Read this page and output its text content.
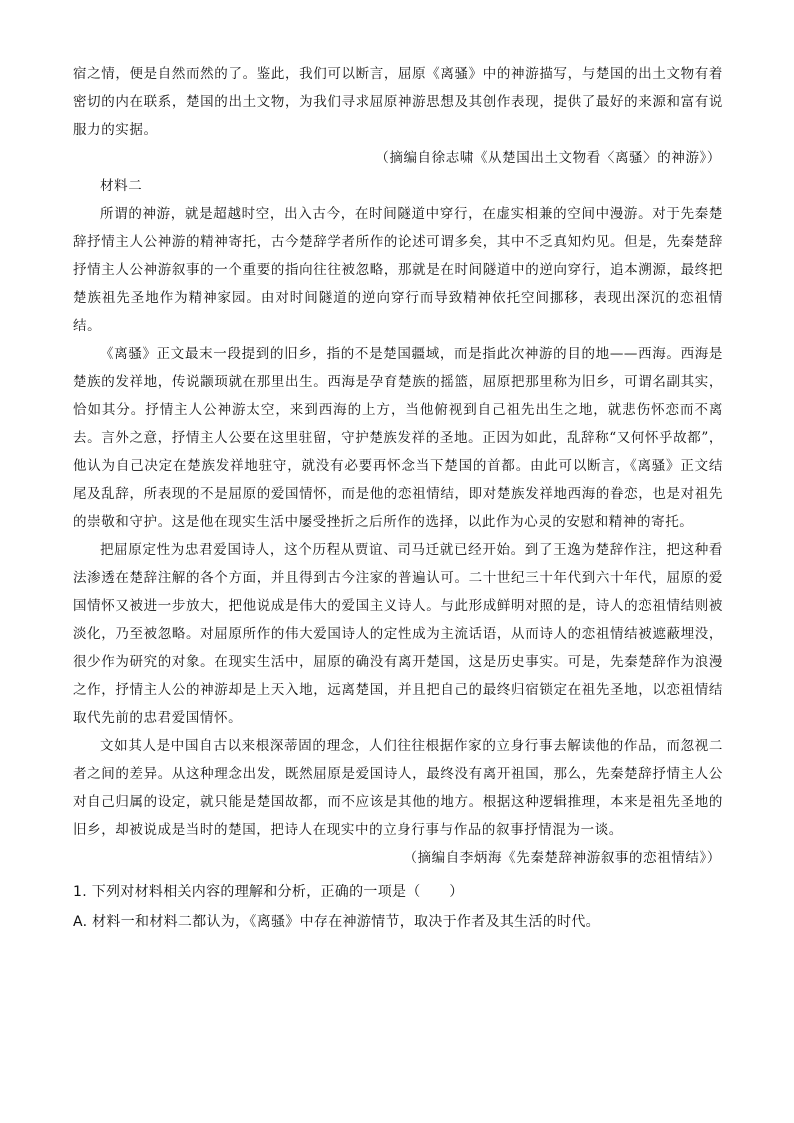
宿之情，便是自然而然的了。鉴此，我们可以断言，屈原《离骚》中的神游描写，与楚国的出土文物有着密切的内在联系，楚国的出土文物，为我们寻求屈原神游思想及其创作表现，提供了最好的来源和富有说服力的实据。

（摘编自徐志啸《从楚国出土文物看〈离骚〉的神游》）

材料二

所谓的神游，就是超越时空，出入古今，在时间隧道中穿行，在虚实相兼的空间中漫游。对于先秦楚辞抒情主人公神游的精神寄托，古今楚辞学者所作的论述可谓多矣，其中不乏真知灼见。但是，先秦楚辞抒情主人公神游叙事的一个重要的指向往往被忽略，那就是在时间隧道中的逆向穿行，追本溯源，最终把楚族祖先圣地作为精神家园。由对时间隧道的逆向穿行而导致精神依托空间挪移，表现出深沉的恋祖情结。

《离骚》正文最末一段提到的旧乡，指的不是楚国疆域，而是指此次神游的目的地——西海。西海是楚族的发祥地，传说颛顼就在那里出生。西海是孕育楚族的摇篮，屈原把那里称为旧乡，可谓名副其实，恰如其分。抒情主人公神游太空，来到西海的上方，当他俯视到自己祖先出生之地，就悲伤怀恋而不离去。言外之意，抒情主人公要在这里驻留，守护楚族发祥的圣地。正因为如此，乱辞称“又何怀乎故都”，他认为自己决定在楚族发祥地驻守，就没有必要再怀念当下楚国的首都。由此可以断言，《离骚》正文结尾及乱辞，所表现的不是屈原的爱国情怀，而是他的恋祖情结，即对楚族发祥地西海的眷恋，也是对祖先的崇敬和守护。这是他在现实生活中屡受挫折之后所作的选择，以此作为心灵的安慰和精神的寄托。

把屈原定性为忠君爱国诗人，这个历程从贾谊、司马迁就已经开始。到了王逸为楚辞作注，把这种看法渗透在楚辞注解的各个方面，并且得到古今注家的普遍认可。二十世纪三十年代到六十年代，屈原的爱国情怀又被进一步放大，把他说成是伟大的爱国主义诗人。与此形成鲜明对照的是，诗人的恋祖情结则被淡化，乃至被忽略。对屈原所作的伟大爱国诗人的定性成为主流话语，从而诗人的恋祖情结被遮蔽埋没，很少作为研究的对象。在现实生活中，屈原的确没有离开楚国，这是历史事实。可是，先秦楚辞作为浪漫之作，抒情主人公的神游却是上天入地，远离楚国，并且把自己的最终归宿锁定在祖先圣地，以恋祖情结取代先前的忠君爱国情怀。

文如其人是中国自古以来根深蒂固的理念，人们往往根据作家的立身行事去解读他的作品，而忽视二者之间的差异。从这种理念出发，既然屈原是爱国诗人，最终没有离开祖国，那么，先秦楚辞抒情主人公对自己归属的设定，就只能是楚国故都，而不应该是其他的地方。根据这种逻辑推理，本来是祖先圣地的旧乡，却被说成是当时的楚国，把诗人在现实中的立身行事与作品的叙事抒情混为一谈。

（摘编自李炳海《先秦楚辞神游叙事的恋祖情结》）

1. 下列对材料相关内容的理解和分析，正确的一项是（　　）

A. 材料一和材料二都认为，《离骚》中存在神游情节，取决于作者及其生活的时代。
